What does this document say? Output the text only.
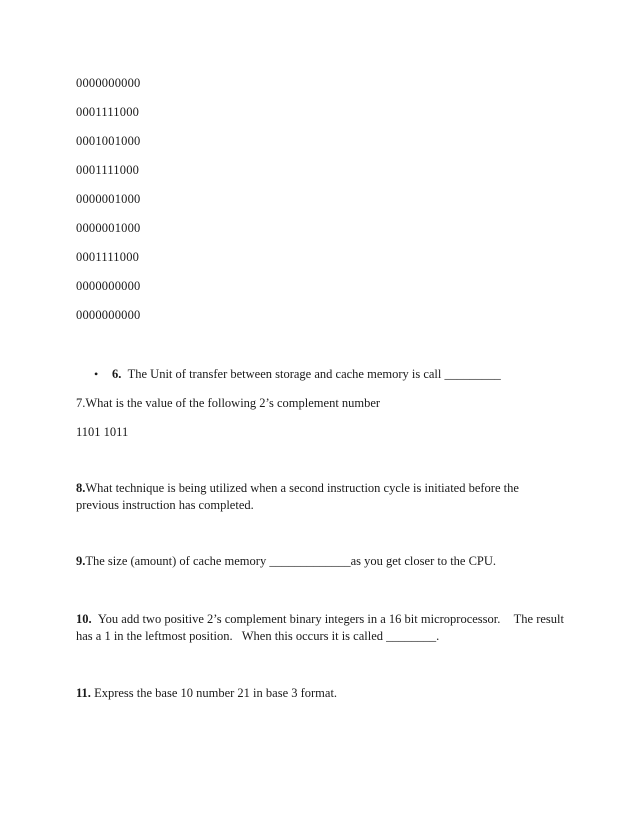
0000000000
0001111000
0001001000
0001111000
0000001000
0000001000
0001111000
0000000000
0000000000
• 6. The Unit of transfer between storage and cache memory is call _________
7.What is the value of the following 2’s complement number
1101 1011
8.What technique is being utilized when a second instruction cycle is initiated before the
previous instruction has completed.
9.The size (amount) of cache memory _____________as you get closer to the CPU.
10. You add two positive 2’s complement binary integers in a 16 bit microprocessor. The result
has a 1 in the leftmost position.   When this occurs it is called ________.
11. Express the base 10 number 21 in base 3 format.
